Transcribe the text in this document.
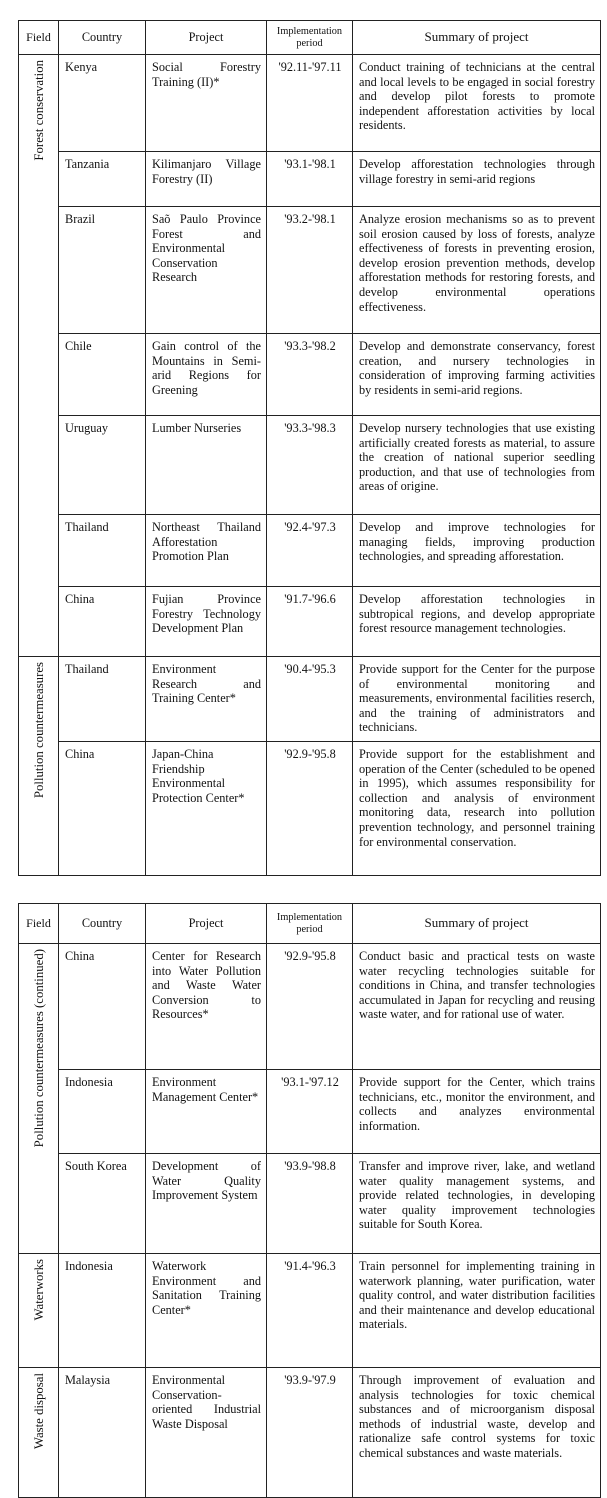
Field	Country	Project	Implementation period	Summary of project
Forest conservation	Kenya	Social Forestry Training (II)*	'92.11-'97.11	Conduct training of technicians at the central and local levels to be engaged in social forestry and develop pilot forests to promote independent afforestation activities by local residents.
	Tanzania	Kilimanjaro Village Forestry (II)	'93.1-'98.1	Develop afforestation technologies through village forestry in semi-arid regions
	Brazil	Saõ Paulo Province Forest and Environmental Conservation Research	'93.2-'98.1	Analyze erosion mechanisms so as to prevent soil erosion caused by loss of forests, analyze effectiveness of forests in preventing erosion, develop erosion prevention methods, develop afforestation methods for restoring forests, and develop environmental operations effectiveness.
	Chile	Gain control of the Mountains in Semi-arid Regions for Greening	'93.3-'98.2	Develop and demonstrate conservancy, forest creation, and nursery technologies in consideration of improving farming activities by residents in semi-arid regions.
	Uruguay	Lumber Nurseries	'93.3-'98.3	Develop nursery technologies that use existing artificially created forests as material, to assure the creation of national superior seedling production, and that use of technologies from areas of origine.
	Thailand	Northeast Thailand Afforestation Promotion Plan	'92.4-'97.3	Develop and improve technologies for managing fields, improving production technologies, and spreading afforestation.
	China	Fujian Province Forestry Technology Development Plan	'91.7-'96.6	Develop afforestation technologies in subtropical regions, and develop appropriate forest resource management technologies.
Pollution countermeasures	Thailand	Environment Research and Training Center*	'90.4-'95.3	Provide support for the Center for the purpose of environmental monitoring and measurements, environmental facilities reserch, and the training of administrators and technicians.
	China	Japan-China Friendship Environmental Protection Center*	'92.9-'95.8	Provide support for the establishment and operation of the Center (scheduled to be opened in 1995), which assumes responsibility for collection and analysis of environment monitoring data, research into pollution prevention technology, and personnel training for environmental conservation.
Field	Country	Project	Implementation period	Summary of project
Pollution countermeasures (continued)	China	Center for Research into Water Pollution and Waste Water Conversion to Resources*	'92.9-'95.8	Conduct basic and practical tests on waste water recycling technologies suitable for conditions in China, and transfer technologies accumulated in Japan for recycling and reusing waste water, and for rational use of water.
	Indonesia	Environment Management Center*	'93.1-'97.12	Provide support for the Center, which trains technicians, etc., monitor the environment, and collects and analyzes environmental information.
	South Korea	Development of Water Quality Improvement System	'93.9-'98.8	Transfer and improve river, lake, and wetland water quality management systems, and provide related technologies, in developing water quality improvement technologies suitable for South Korea.
Waterworks	Indonesia	Waterwork Environment and Sanitation Training Center*	'91.4-'96.3	Train personnel for implementing training in waterwork planning, water purification, water quality control, and water distribution facilities and their maintenance and develop educational materials.
Waste disposal	Malaysia	Environmental Conservation-oriented Industrial Waste Disposal	'93.9-'97.9	Through improvement of evaluation and analysis technologies for toxic chemical substances and of microorganism disposal methods of industrial waste, develop and rationalize safe control systems for toxic chemical substances and waste materials.
